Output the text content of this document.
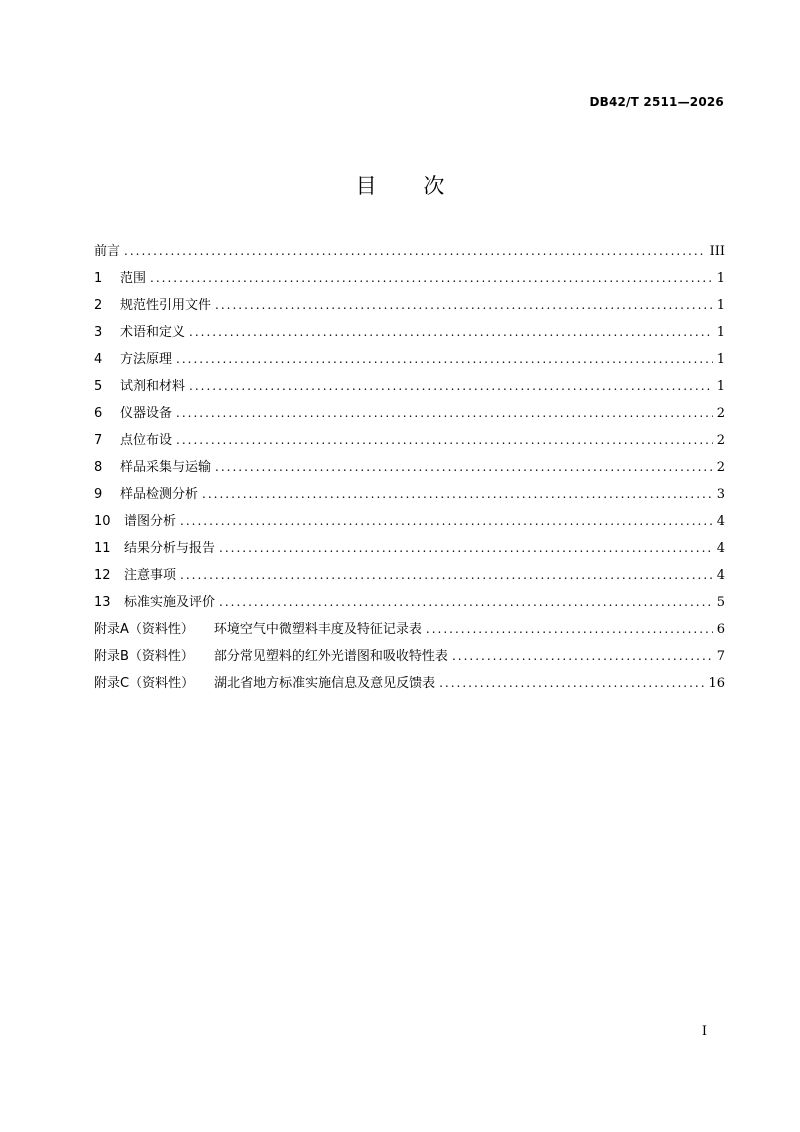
DB42/T 2511—2026
目 次
前言 .....	III
1	范围 .....	1
2	规范性引用文件 .....	1
3	术语和定义 .....	1
4	方法原理 .....	1
5	试剂和材料 .....	1
6	仪器设备 .....	2
7	点位布设 .....	2
8	样品采集与运输 .....	2
9	样品检测分析 .....	3
10 谱图分析 .....	4
11 结果分析与报告 .....	4
12 注意事项 .....	4
13 标准实施及评价 .....	5
附录A（资料性） 环境空气中微塑料丰度及特征记录表 .....	6
附录B（资料性） 部分常见塑料的红外光谱图和吸收特性表 .....	7
附录C（资料性） 湖北省地方标准实施信息及意见反馈表 .....	16
I
